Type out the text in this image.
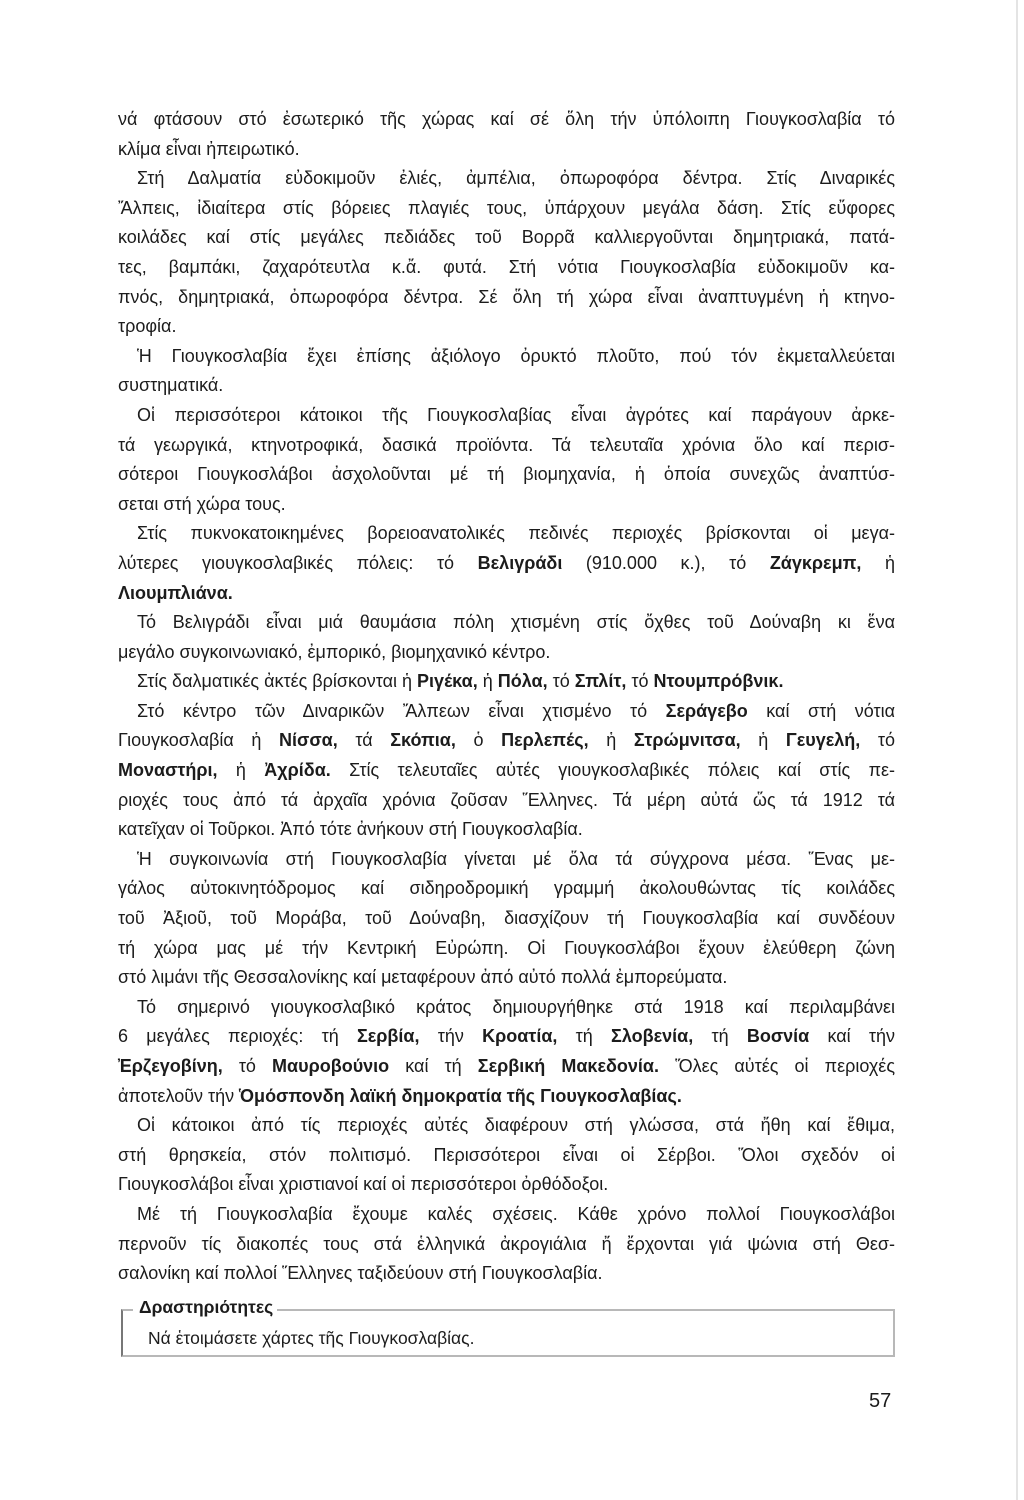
νά φτάσουν στό ἐσωτερικό τῆς χώρας καί σέ ὅλη τήν ὑπόλοιπη Γιουγκοσλαβία τό
κλίμα εἶναι ἠπειρωτικό.
Στή Δαλματία εὐδοκιμοῦν ἐλιές, ἀμπέλια, ὀπωροφόρα δέντρα. Στίς Διναρικές
Ἄλπεις, ἰδιαίτερα στίς βόρειες πλαγιές τους, ὑπάρχουν μεγάλα δάση. Στίς εὔφορες
κοιλάδες καί στίς μεγάλες πεδιάδες τοῦ Βορρᾶ καλλιεργοῦνται δημητριακά, πατά-
τες, βαμπάκι, ζαχαρότευτλα κ.ἄ. φυτά. Στή νότια Γιουγκοσλαβία εὐδοκιμοῦν κα-
πνός, δημητριακά, ὀπωροφόρα δέντρα. Σέ ὅλη τή χώρα εἶναι ἀναπτυγμένη ἡ κτηνο-
τροφία.
Ἡ Γιουγκοσλαβία ἔχει ἐπίσης ἀξιόλογο ὀρυκτό πλοῦτο, πού τόν ἐκμεταλλεύεται
συστηματικά.
Οἱ περισσότεροι κάτοικοι τῆς Γιουγκοσλαβίας εἶναι ἀγρότες καί παράγουν ἀρκε-
τά γεωργικά, κτηνοτροφικά, δασικά προϊόντα. Τά τελευταῖα χρόνια ὅλο καί περισ-
σότεροι Γιουγκοσλάβοι ἀσχολοῦνται μέ τή βιομηχανία, ἡ ὁποία συνεχῶς ἀναπτύσ-
σεται στή χώρα τους.
Στίς πυκνοκατοικημένες βορειοανατολικές πεδινές περιοχές βρίσκονται οἱ μεγα-
λύτερες γιουγκοσλαβικές πόλεις: τό Βελιγράδι (910.000 κ.), τό Ζάγκρεμπ, ἡ
Λιουμπλιάνα.
Τό Βελιγράδι εἶναι μιά θαυμάσια πόλη χτισμένη στίς ὄχθες τοῦ Δούναβη κι ἕνα
μεγάλο συγκοινωνιακό, ἐμπορικό, βιομηχανικό κέντρο.
Στίς δαλματικές ἀκτές βρίσκονται ἡ Ριγέκα, ἡ Πόλα, τό Σπλίτ, τό Ντουμπρόβνικ.
Στό κέντρο τῶν Διναρικῶν Ἄλπεων εἶναι χτισμένο τό Σεράγεβο καί στή νότια
Γιουγκοσλαβία ἡ Νίσσα, τά Σκόπια, ὁ Περλεπές, ἡ Στρώμνιτσα, ἡ Γευγελή, τό
Μοναστήρι, ἡ Ἀχρίδα. Στίς τελευταῖες αὐτές γιουγκοσλαβικές πόλεις καί στίς πε-
ριοχές τους ἀπό τά ἀρχαῖα χρόνια ζοῦσαν Ἕλληνες. Τά μέρη αὐτά ὥς τά 1912 τά
κατεῖχαν οἱ Τοῦρκοι. Ἀπό τότε ἀνήκουν στή Γιουγκοσλαβία.
Ἡ συγκοινωνία στή Γιουγκοσλαβία γίνεται μέ ὅλα τά σύγχρονα μέσα. Ἕνας με-
γάλος αὐτοκινητόδρομος καί σιδηροδρομική γραμμή ἀκολουθώντας τίς κοιλάδες
τοῦ Ἀξιοῦ, τοῦ Μοράβα, τοῦ Δούναβη, διασχίζουν τή Γιουγκοσλαβία καί συνδέουν
τή χώρα μας μέ τήν Κεντρική Εὐρώπη. Οἱ Γιουγκοσλάβοι ἔχουν ἐλεύθερη ζώνη
στό λιμάνι τῆς Θεσσαλονίκης καί μεταφέρουν ἀπό αὐτό πολλά ἐμπορεύματα.
Τό σημερινό γιουγκοσλαβικό κράτος δημιουργήθηκε στά 1918 καί περιλαμβάνει
6 μεγάλες περιοχές: τή Σερβία, τήν Κροατία, τή Σλοβενία, τή Βοσνία καί τήν
Ἐρζεγοβίνη, τό Μαυροβούνιο καί τή Σερβική Μακεδονία. Ὅλες αὐτές οἱ περιοχές
ἀποτελοῦν τήν Ὁμόσπονδη λαϊκή δημοκρατία τῆς Γιουγκοσλαβίας.
Οἱ κάτοικοι ἀπό τίς περιοχές αὐτές διαφέρουν στή γλώσσα, στά ἤθη καί ἔθιμα,
στή θρησκεία, στόν πολιτισμό. Περισσότεροι εἶναι οἱ Σέρβοι. Ὅλοι σχεδόν οἱ
Γιουγκοσλάβοι εἶναι χριστιανοί καί οἱ περισσότεροι ὀρθόδοξοι.
Μέ τή Γιουγκοσλαβία ἔχουμε καλές σχέσεις. Κάθε χρόνο πολλοί Γιουγκοσλάβοι
περνοῦν τίς διακοπές τους στά ἑλληνικά ἀκρογιάλια ἤ ἔρχονται γιά ψώνια στή Θεσ-
σαλονίκη καί πολλοί Ἕλληνες ταξιδεύουν στή Γιουγκοσλαβία.
Δραστηριότητες
Νά ἑτοιμάσετε χάρτες τῆς Γιουγκοσλαβίας.
57
